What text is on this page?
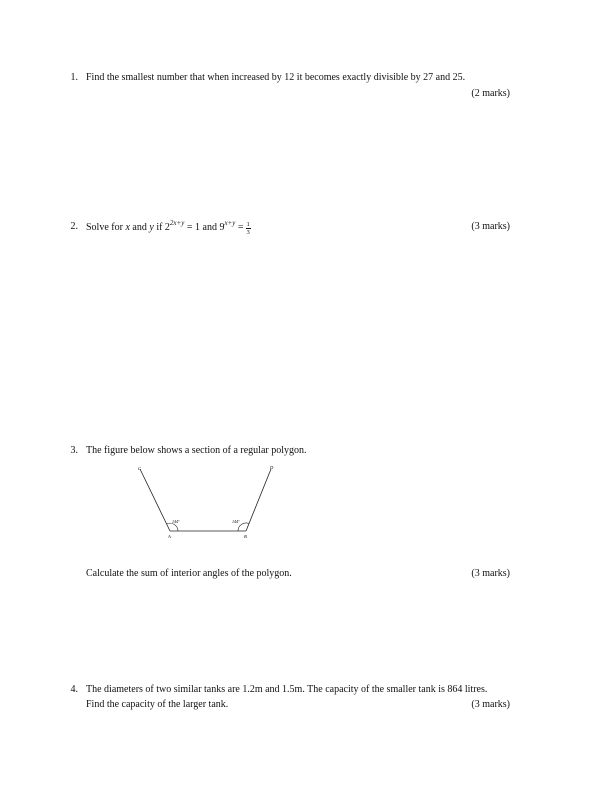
1. Find the smallest number that when increased by 12 it becomes exactly divisible by 27 and 25.
(2 marks)
2. Solve for x and y if $2^{2x+y} = 1$ and $9^{x+y} = \frac{1}{3}$	(3 marks)
3. The figure below shows a section of a regular polygon.
C	D
A	B
144°	144°
Calculate the sum of interior angles of the polygon.	(3 marks)
4. The diameters of two similar tanks are 1.2m and 1.5m. The capacity of the smaller tank is 864 litres.
Find the capacity of the larger tank.	(3 marks)
